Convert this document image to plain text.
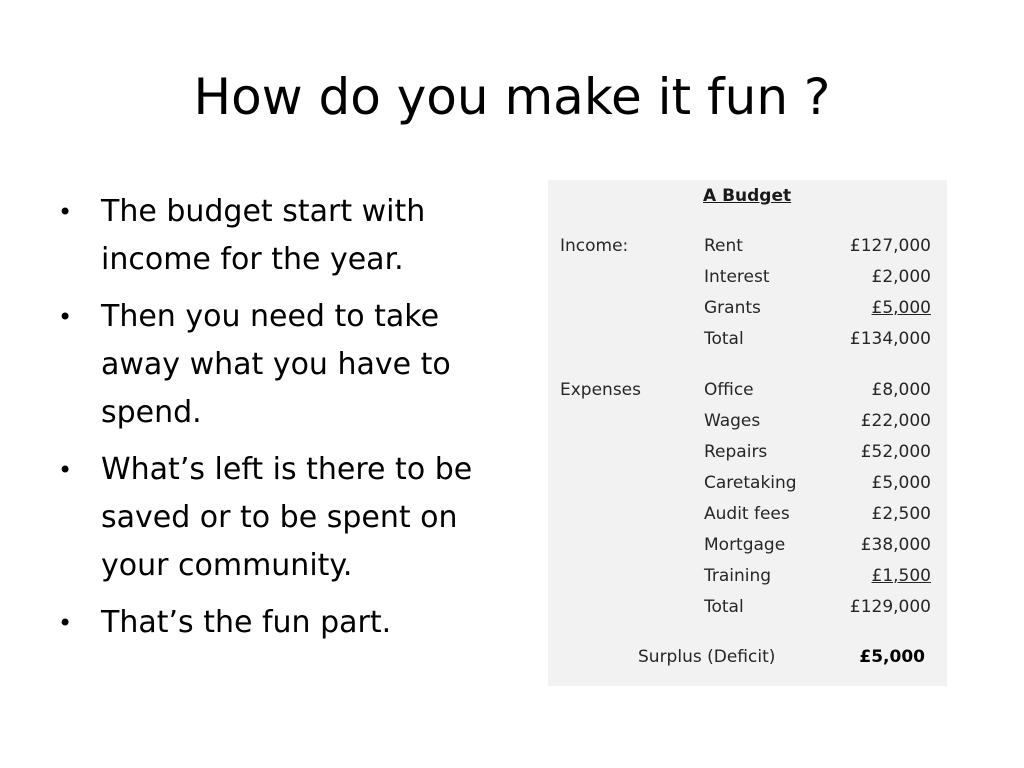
How do you make it fun ?
• The budget start with income for the year.
• Then you need to take away what you have to spend.
• What’s left is there to be saved or to be spent on your community.
• That’s the fun part.
A Budget
Income:	Rent	£127,000
Interest	£2,000
Grants	£5,000
Total	£134,000
Expenses	Office	£8,000
Wages	£22,000
Repairs	£52,000
Caretaking	£5,000
Audit fees	£2,500
Mortgage	£38,000
Training	£1,500
Total	£129,000
Surplus (Deficit)	£5,000
